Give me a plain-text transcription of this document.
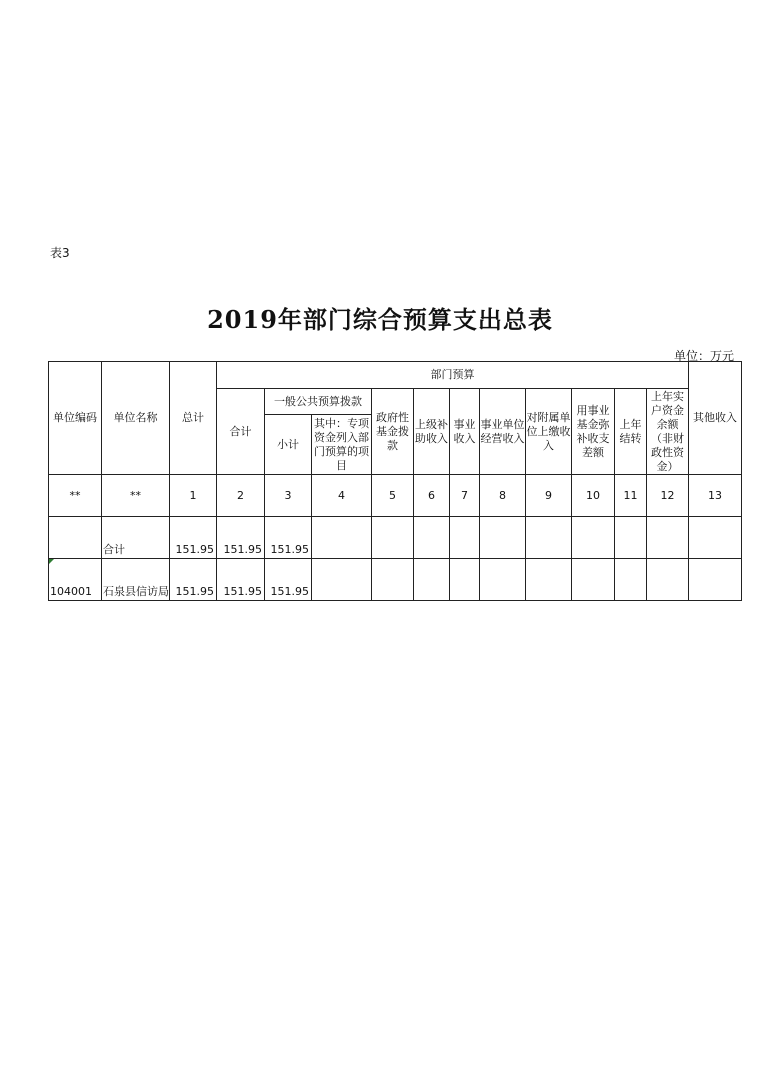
表3
2019年部门综合预算支出总表
单位：万元
单位编码	单位名称	总计	部门预算											其他收入
			合计	一般公共预算拨款		政府性基金拨款	上级补助收入	事业收入	事业单位经营收入	对附属单位上缴收入	用事业基金弥补收支差额	上年结转	上年实户资金余额（非财政性资金）	
				小计	其中：专项资金列入部门预算的项目									
**	**	1	2	3	4	5	6	7	8	9	10	11	12	13
	合计	151.95	151.95	151.95										

104001	石泉县信访局	151.95	151.95	151.95										
